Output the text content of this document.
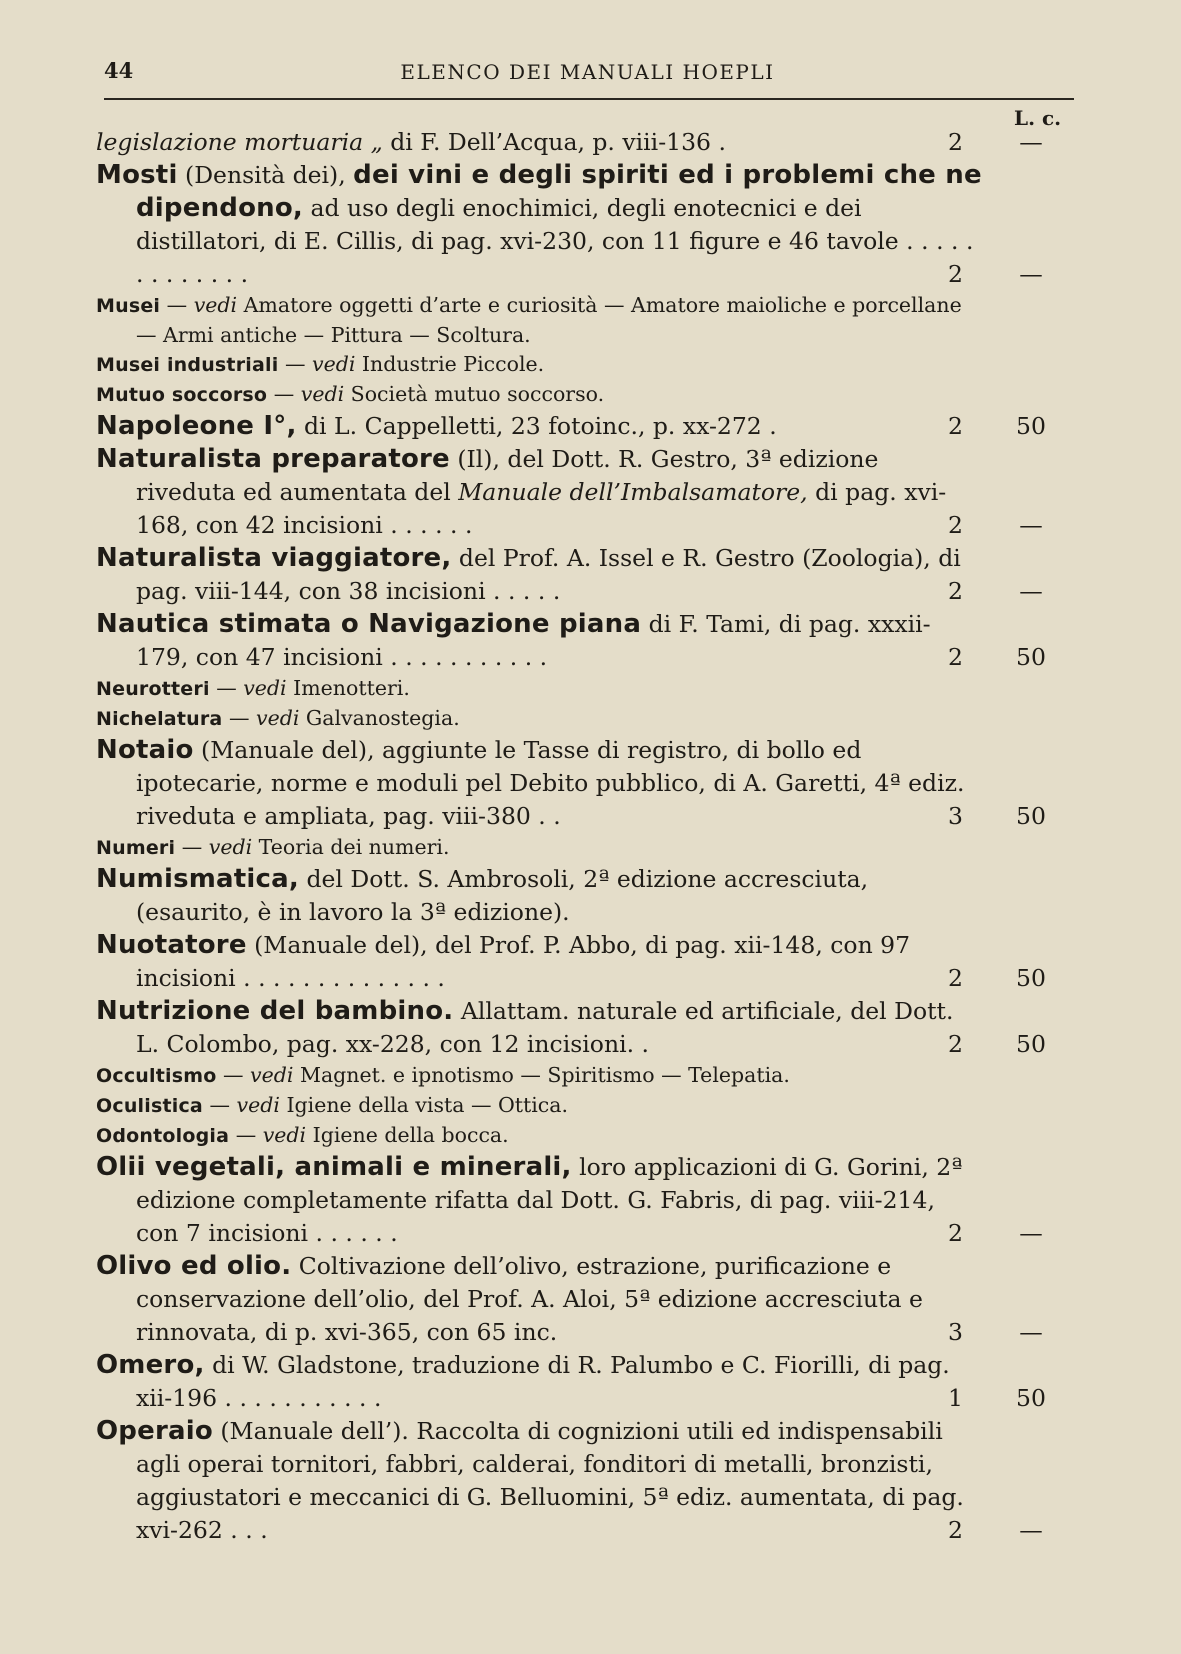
44	ELENCO DEI MANUALI HOEPLI
L. c.
legislazione mortuaria „ di F. Dell’Acqua, p. viii-136 .	2	—
Mosti (Densità dei), dei vini e degli spiriti ed i problemi che ne dipendono, ad uso degli enochimici, degli enotecnici e dei distillatori, di E. Cillis, di pag. xvi-230, con 11 figure e 46 tavole . . . . . . . . . . . . .	2	—
Musei — vedi Amatore oggetti d’arte e curiosità — Amatore maioliche e porcellane — Armi antiche — Pittura — Scoltura.
Musei industriali — vedi Industrie Piccole.
Mutuo soccorso — vedi Società mutuo soccorso.
Napoleone I°, di L. Cappelletti, 23 fotoinc., p. xx-272 .	2	50
Naturalista preparatore (Il), del Dott. R. Gestro, 3ª edizione riveduta ed aumentata del Manuale dell’Imbalsamatore, di pag. xvi-168, con 42 incisioni . . . . . .	2	—
Naturalista viaggiatore, del Prof. A. Issel e R. Gestro (Zoologia), di pag. viii-144, con 38 incisioni . . . . .	2	—
Nautica stimata o Navigazione piana di F. Tami, di pag. xxxii-179, con 47 incisioni . . . . . . . . . . .	2	50
Neurotteri — vedi Imenotteri.
Nichelatura — vedi Galvanostegia.
Notaio (Manuale del), aggiunte le Tasse di registro, di bollo ed ipotecarie, norme e moduli pel Debito pubblico, di A. Garetti, 4ª ediz. riveduta e ampliata, pag. viii-380 . .	3	50
Numeri — vedi Teoria dei numeri.
Numismatica, del Dott. S. Ambrosoli, 2ª edizione accresciuta, (esaurito, è in lavoro la 3ª edizione).
Nuotatore (Manuale del), del Prof. P. Abbo, di pag. xii-148, con 97 incisioni . . . . . . . . . . . . . .	2	50
Nutrizione del bambino. Allattam. naturale ed artificiale, del Dott. L. Colombo, pag. xx-228, con 12 incisioni. .	2	50
Occultismo — vedi Magnet. e ipnotismo — Spiritismo — Telepatia.
Oculistica — vedi Igiene della vista — Ottica.
Odontologia — vedi Igiene della bocca.
Olii vegetali, animali e minerali, loro applicazioni di G. Gorini, 2ª edizione completamente rifatta dal Dott. G. Fabris, di pag. viii-214, con 7 incisioni . . . . . .	2	—
Olivo ed olio. Coltivazione dell’olivo, estrazione, purificazione e conservazione dell’olio, del Prof. A. Aloi, 5ª edizione accresciuta e rinnovata, di p. xvi-365, con 65 inc.	3	—
Omero, di W. Gladstone, traduzione di R. Palumbo e C. Fiorilli, di pag. xii-196 . . . . . . . . . . .	1	50
Operaio (Manuale dell’). Raccolta di cognizioni utili ed indispensabili agli operai tornitori, fabbri, calderai, fonditori di metalli, bronzisti, aggiustatori e meccanici di G. Belluomini, 5ª ediz. aumentata, di pag. xvi-262 . . .	2	—
